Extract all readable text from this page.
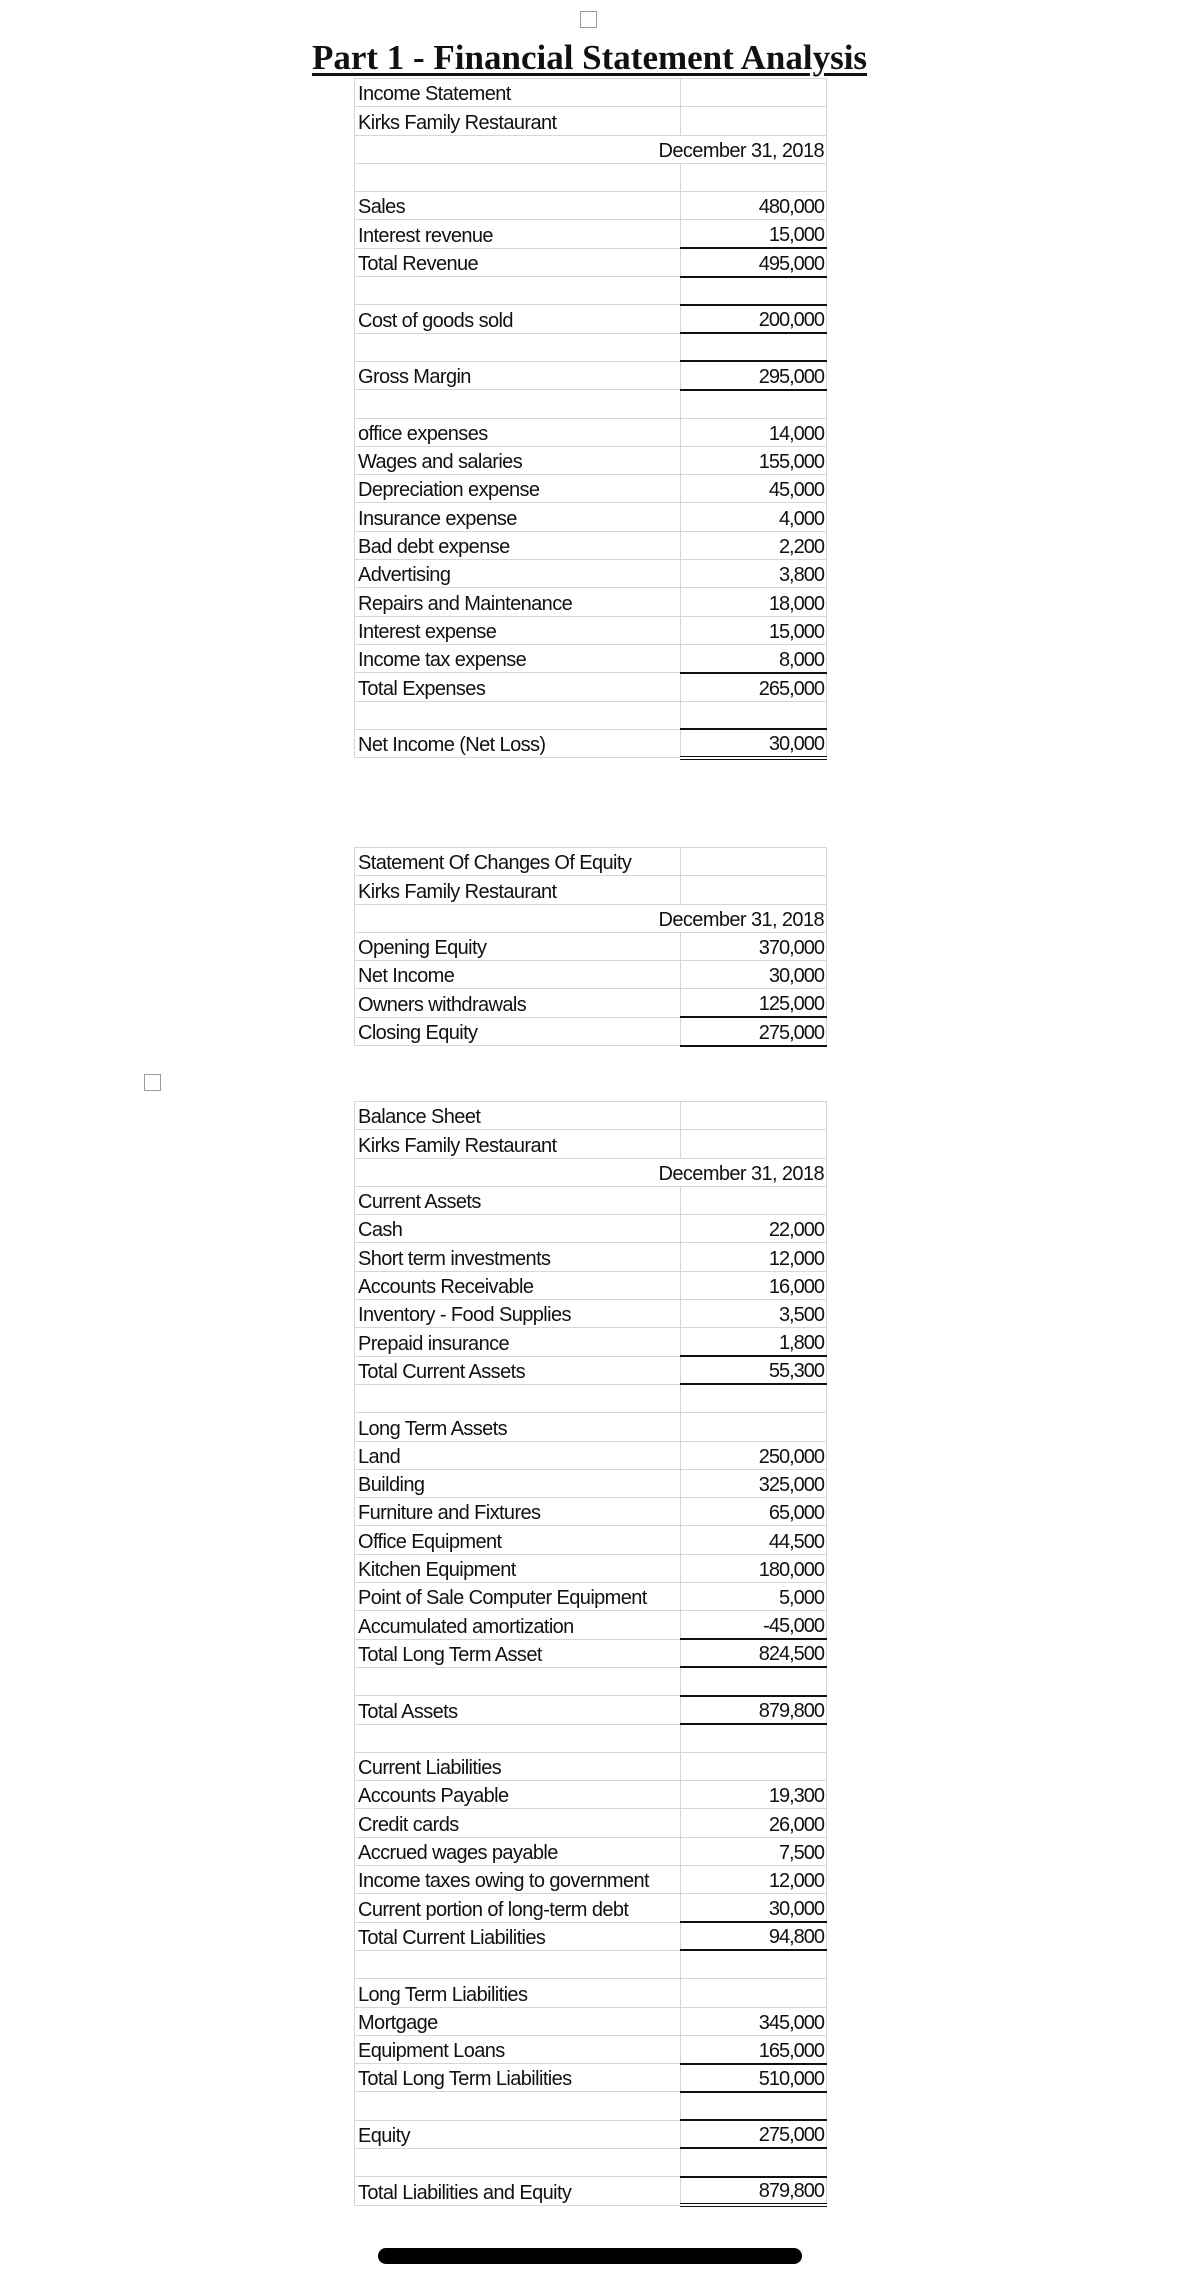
Part 1 - Financial Statement Analysis
Income Statement	
Kirks Family Restaurant	
December 31, 2018	

Sales	480,000
Interest revenue	15,000
Total Revenue	495,000

Cost of goods sold	200,000

Gross Margin	295,000

office expenses	14,000
Wages and salaries	155,000
Depreciation expense	45,000
Insurance expense	4,000
Bad debt expense	2,200
Advertising	3,800
Repairs and Maintenance	18,000
Interest expense	15,000
Income tax expense	8,000
Total Expenses	265,000

Net Income (Net Loss)	30,000
Statement Of Changes Of Equity	
Kirks Family Restaurant	
December 31, 2018	
Opening Equity	370,000
Net Income	30,000
Owners withdrawals	125,000
Closing Equity	275,000
Balance Sheet	
Kirks Family Restaurant	
December 31, 2018	
Current Assets	
Cash	22,000
Short term investments	12,000
Accounts Receivable	16,000
Inventory - Food Supplies	3,500
Prepaid insurance	1,800
Total Current Assets	55,300

Long Term Assets	
Land	250,000
Building	325,000
Furniture and Fixtures	65,000
Office Equipment	44,500
Kitchen Equipment	180,000
Point of Sale Computer Equipment	5,000
Accumulated amortization	-45,000
Total Long Term Asset	824,500

Total Assets	879,800

Current Liabilities	
Accounts Payable	19,300
Credit cards	26,000
Accrued wages payable	7,500
Income taxes owing to government	12,000
Current portion of long-term debt	30,000
Total Current Liabilities	94,800

Long Term Liabilities	
Mortgage	345,000
Equipment Loans	165,000
Total Long Term Liabilities	510,000

Equity	275,000

Total Liabilities and Equity	879,800
